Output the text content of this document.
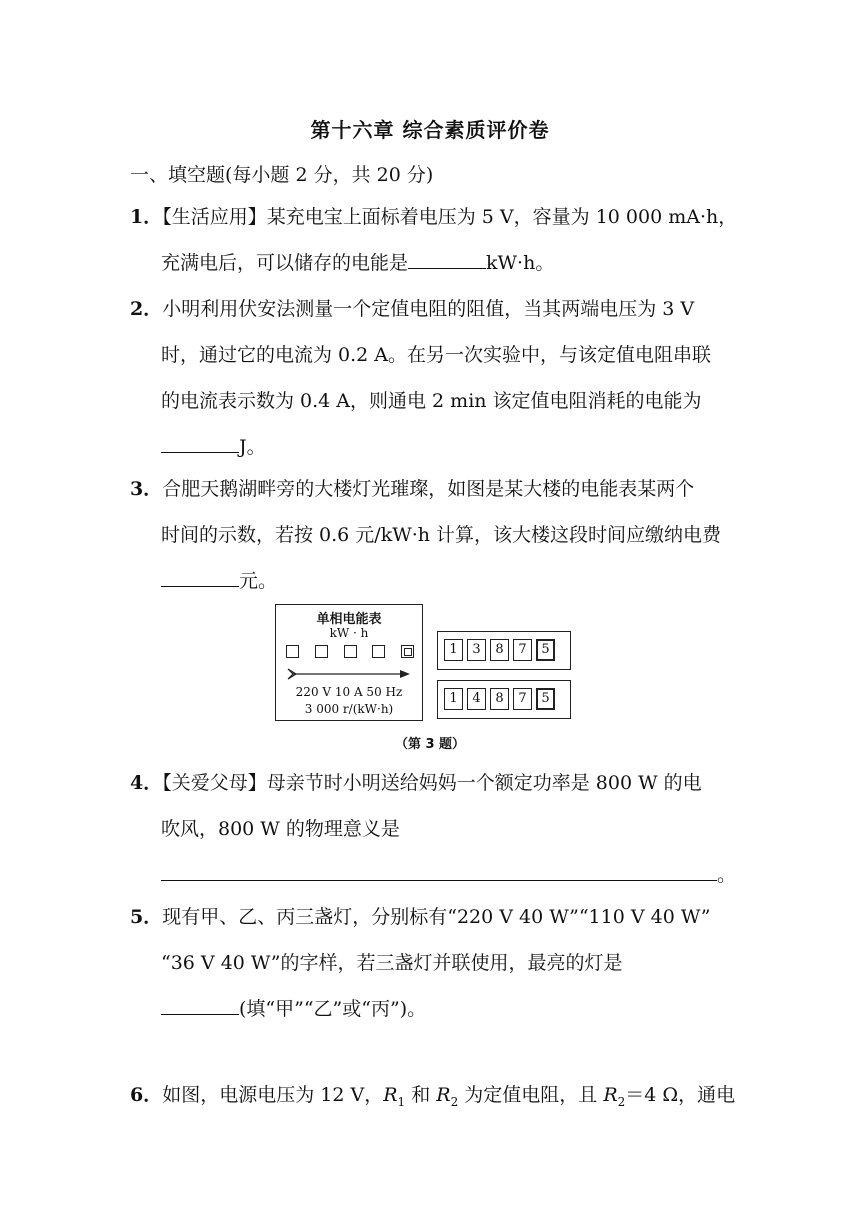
第十六章 综合素质评价卷
一、填空题(每小题 2 分，共 20 分)
1．【生活应用】某充电宝上面标着电压为 5 V，容量为 10 000 mA·h，
充满电后，可以储存的电能是	kW·h。
2．小明利用伏安法测量一个定值电阻的阻值，当其两端电压为 3 V
时，通过它的电流为 0.2 A。在另一次实验中，与该定值电阻串联
的电流表示数为 0.4 A，则通电 2 min 该定值电阻消耗的电能为
J。
3．合肥天鹅湖畔旁的大楼灯光璀璨，如图是某大楼的电能表某两个
时间的示数，若按 0.6 元/kW·h 计算，该大楼这段时间应缴纳电费
元。
单相电能表
kW · h
220 V 10 A 50 Hz
3 000 r/(kW·h)
1	3	8	7	5
1	4	8	7	5
（第 3 题）
4．【关爱父母】母亲节时小明送给妈妈一个额定功率是 800 W 的电
吹风，800 W 的物理意义是
。
5．现有甲、乙、丙三盏灯，分别标有“220 V 40 W”“110 V 40 W”
“36 V 40 W”的字样，若三盏灯并联使用，最亮的灯是
(填“甲”“乙”或“丙”)。
6．如图，电源电压为 12 V，$R_1$ 和 $R_2$ 为定值电阻，且 $R_2=4$ Ω，通电
